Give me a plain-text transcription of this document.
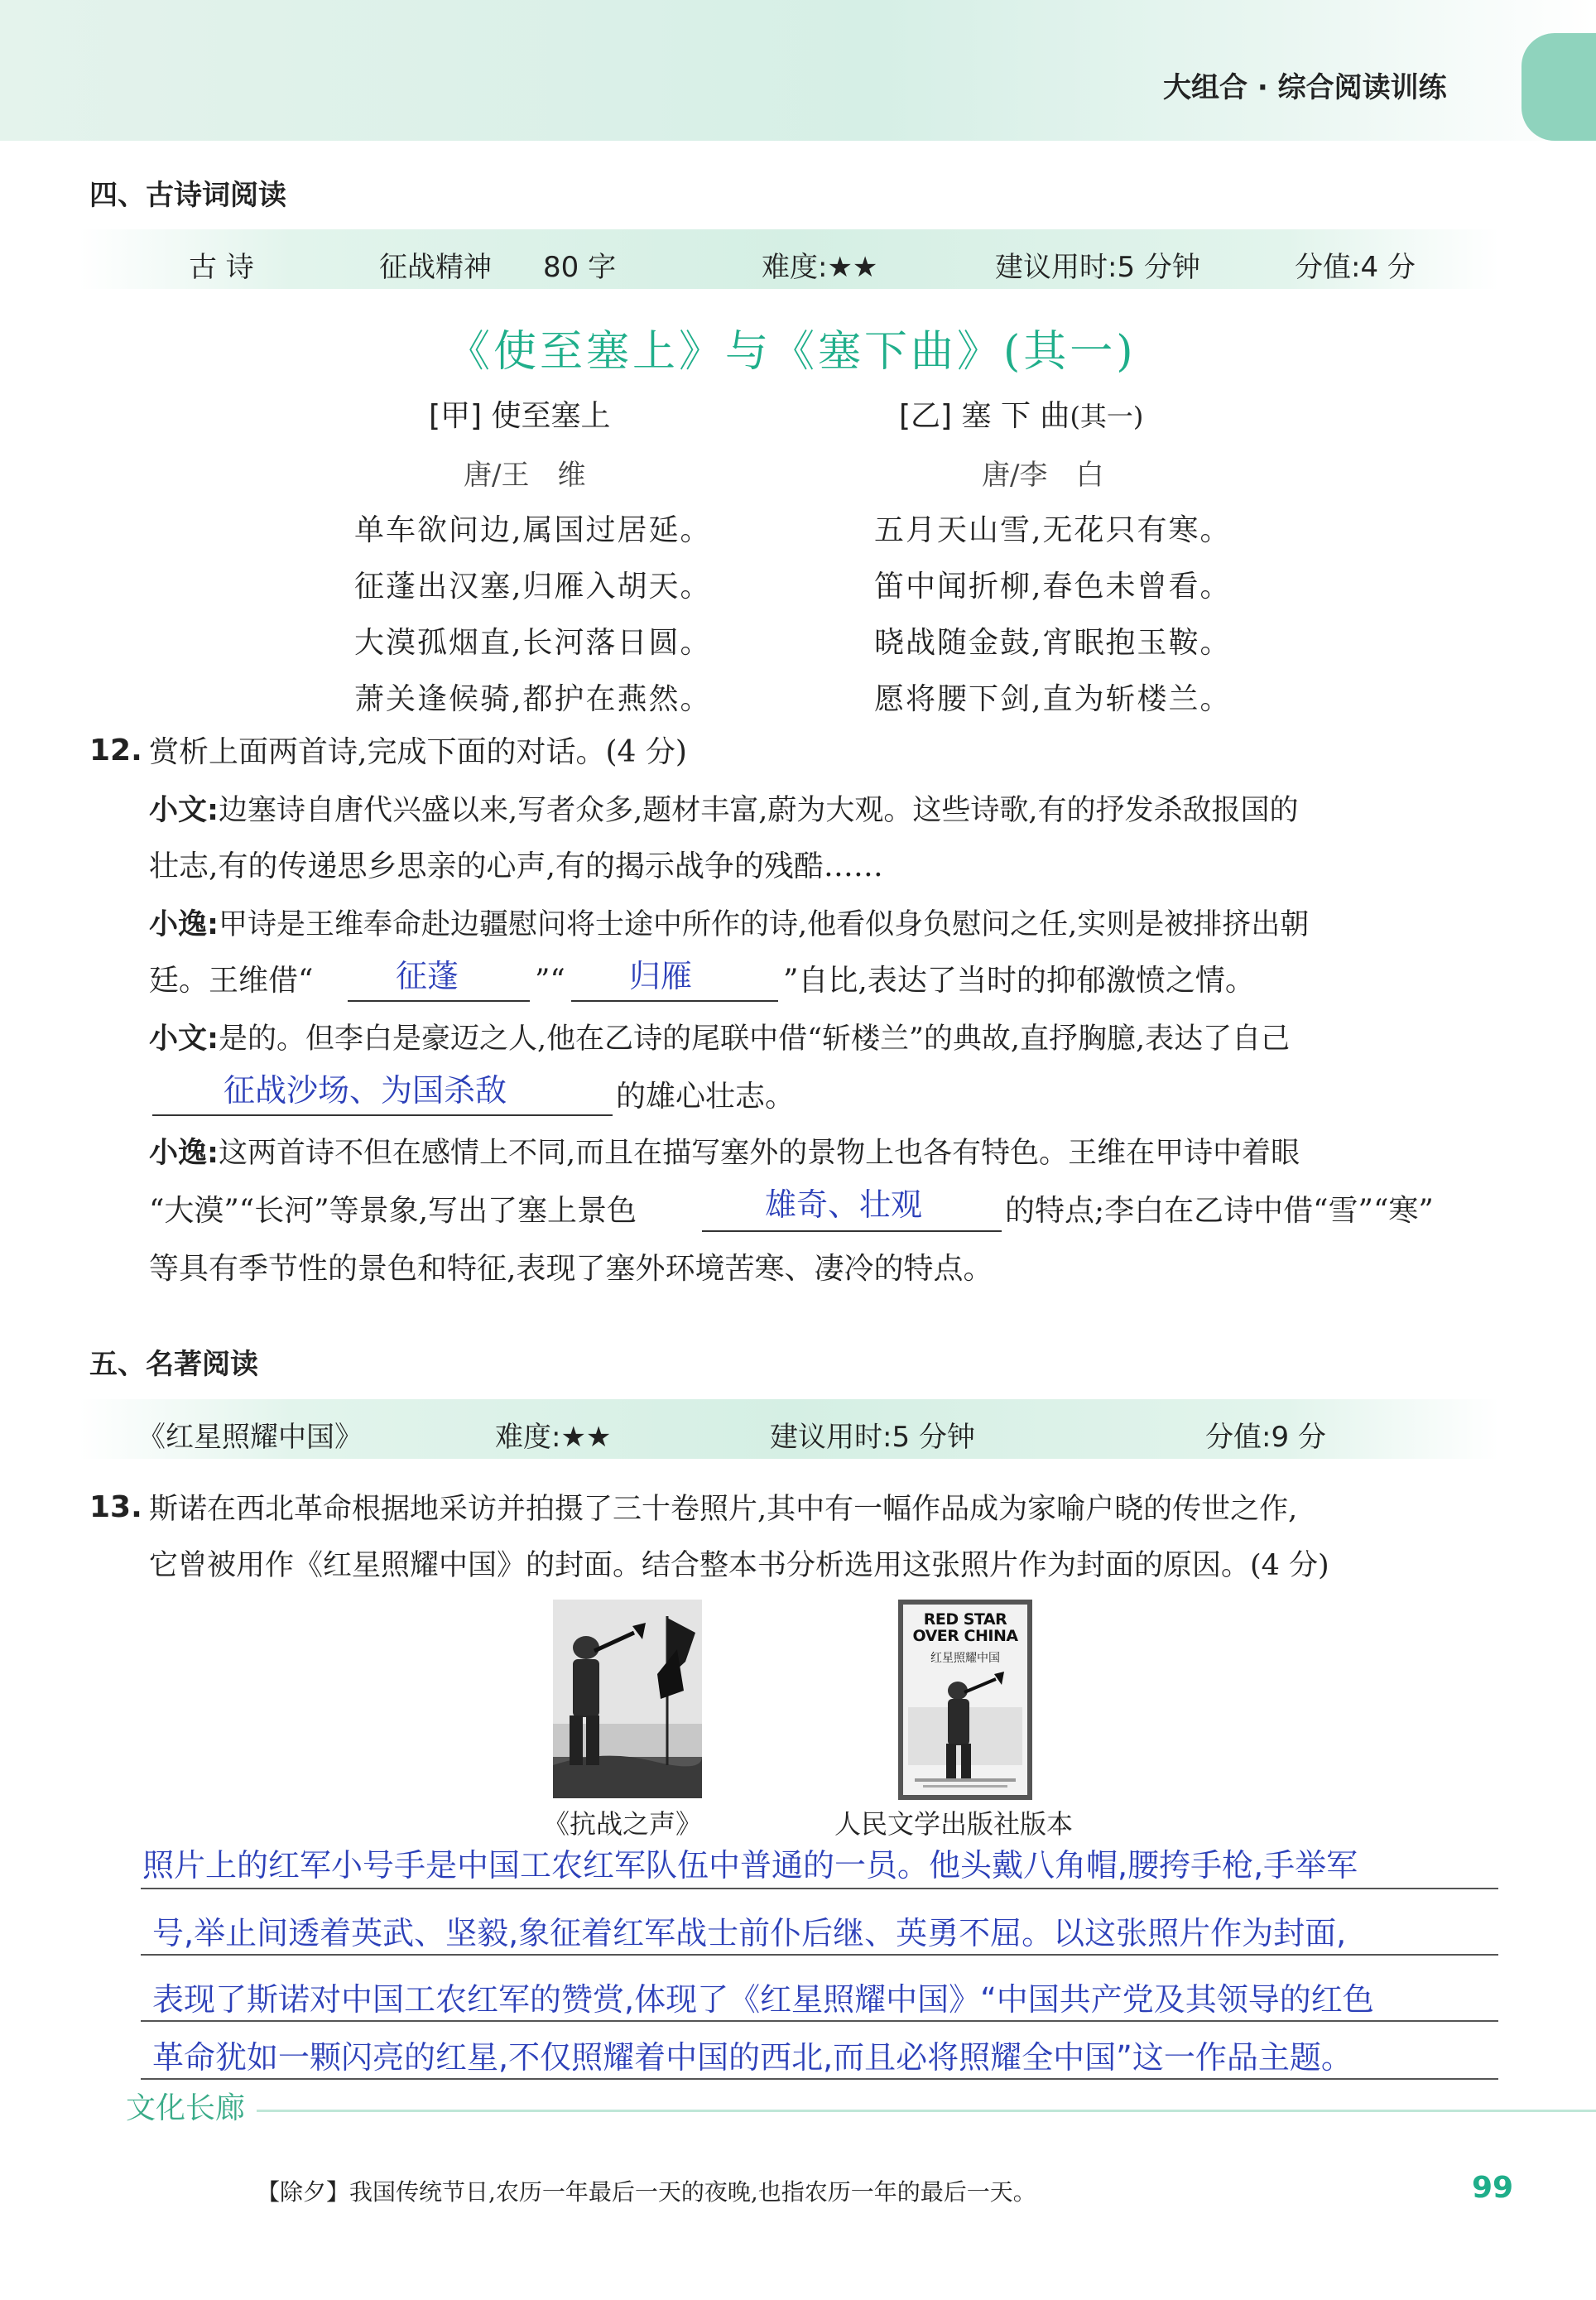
大组合 · 综合阅读训练
四、古诗词阅读
古 诗	征战精神 80 字	难度:★★	建议用时:5 分钟	分值:4 分
《使至塞上》与《塞下曲》(其一)
[甲] 使至塞上
唐/王　维
单车欲问边,属国过居延。
征蓬出汉塞,归雁入胡天。
大漠孤烟直,长河落日圆。
萧关逢候骑,都护在燕然。
[乙] 塞 下 曲(其一)
唐/李　白
五月天山雪,无花只有寒。
笛中闻折柳,春色未曾看。
晓战随金鼓,宵眠抱玉鞍。
愿将腰下剑,直为斩楼兰。
12. 赏析上面两首诗,完成下面的对话。(4 分)
小文:边塞诗自唐代兴盛以来,写者众多,题材丰富,蔚为大观。这些诗歌,有的抒发杀敌报国的
壮志,有的传递思乡思亲的心声,有的揭示战争的残酷……
小逸:甲诗是王维奉命赴边疆慰问将士途中所作的诗,他看似身负慰问之任,实则是被排挤出朝
廷。王维借“	征蓬	”“ 归雁	”自比,表达了当时的抑郁激愤之情。
小文:是的。但李白是豪迈之人,他在乙诗的尾联中借“斩楼兰”的典故,直抒胸臆,表达了自己
征战沙场、为国杀敌	的雄心壮志。
小逸:这两首诗不但在感情上不同,而且在描写塞外的景物上也各有特色。王维在甲诗中着眼
“大漠”“长河”等景象,写出了塞上景色	雄奇、壮观	的特点;李白在乙诗中借“雪”“寒”
等具有季节性的景色和特征,表现了塞外环境苦寒、凄冷的特点。
五、名著阅读
《红星照耀中国》	难度:★★	建议用时:5 分钟	分值:9 分
13. 斯诺在西北革命根据地采访并拍摄了三十卷照片,其中有一幅作品成为家喻户晓的传世之作,
它曾被用作《红星照耀中国》的封面。结合整本书分析选用这张照片作为封面的原因。(4 分)
RED STAR OVER CHINA
红星照耀中国
《抗战之声》	人民文学出版社版本
照片上的红军小号手是中国工农红军队伍中普通的一员。他头戴八角帽,腰挎手枪,手举军
号,举止间透着英武、坚毅,象征着红军战士前仆后继、英勇不屈。以这张照片作为封面,
表现了斯诺对中国工农红军的赞赏,体现了《红星照耀中国》“中国共产党及其领导的红色
革命犹如一颗闪亮的红星,不仅照耀着中国的西北,而且必将照耀全中国”这一作品主题。
文化长廊
【除夕】我国传统节日,农历一年最后一天的夜晚,也指农历一年的最后一天。	99
